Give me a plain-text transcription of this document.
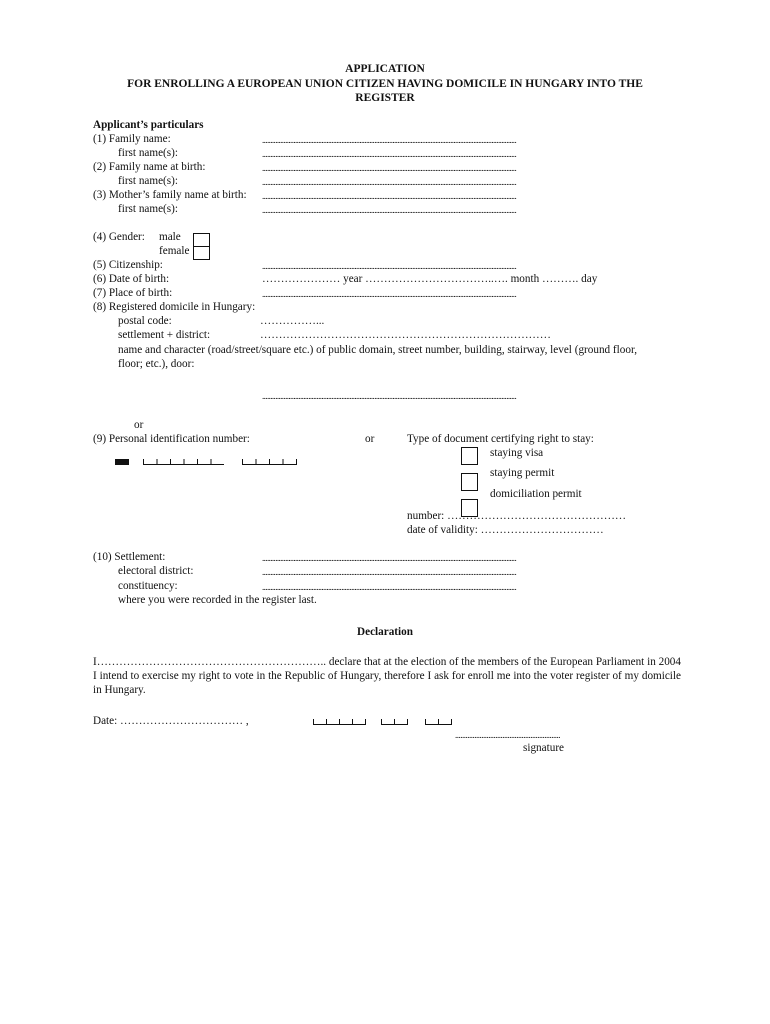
APPLICATION
FOR ENROLLING A EUROPEAN UNION CITIZEN HAVING DOMICILE IN HUNGARY INTO THE
REGISTER
Applicant’s particulars
(1) Family name:	..........................................................................................................................................................
first name(s):	..........................................................................................................................................................
(2) Family name at birth:	..........................................................................................................................................................
first name(s):	..........................................................................................................................................................
(3) Mother’s family name at birth: ..........................................................................................................................................................
first name(s):	..........................................................................................................................................................
(4) Gender: male
female
(5) Citizenship:	..........................................................................................................................................................
(6) Date of birth:	………………… year ……………………………..…. month ………. day
(7) Place of birth:	..........................................................................................................................................................
(8) Registered domicile in Hungary:
postal code:	……………...
settlement + district:	……………………………………………………………………
name and character (road/street/square etc.) of public domain, street number, building, stairway, level (ground floor,
floor; etc.), door:
..........................................................................................................................................................
or
(9) Personal identification number:	or	Type of document certifying right to stay:
staying visa
staying permit
domiciliation permit
number: …………………………………………
date of validity: ……………………………
(10) Settlement:	..........................................................................................................................................................
electoral district:	..........................................................................................................................................................
constituency:	..........................................................................................................................................................
where you were recorded in the register last.
Declaration
I…………………………………………………….. declare that at the election of the members of the European Parliament in 2004 I intend to exercise my right to vote in the Republic of Hungary, therefore I ask for enroll me into the voter register of my domicile in Hungary.
Date: …………………………… ,
............................................................
signature
